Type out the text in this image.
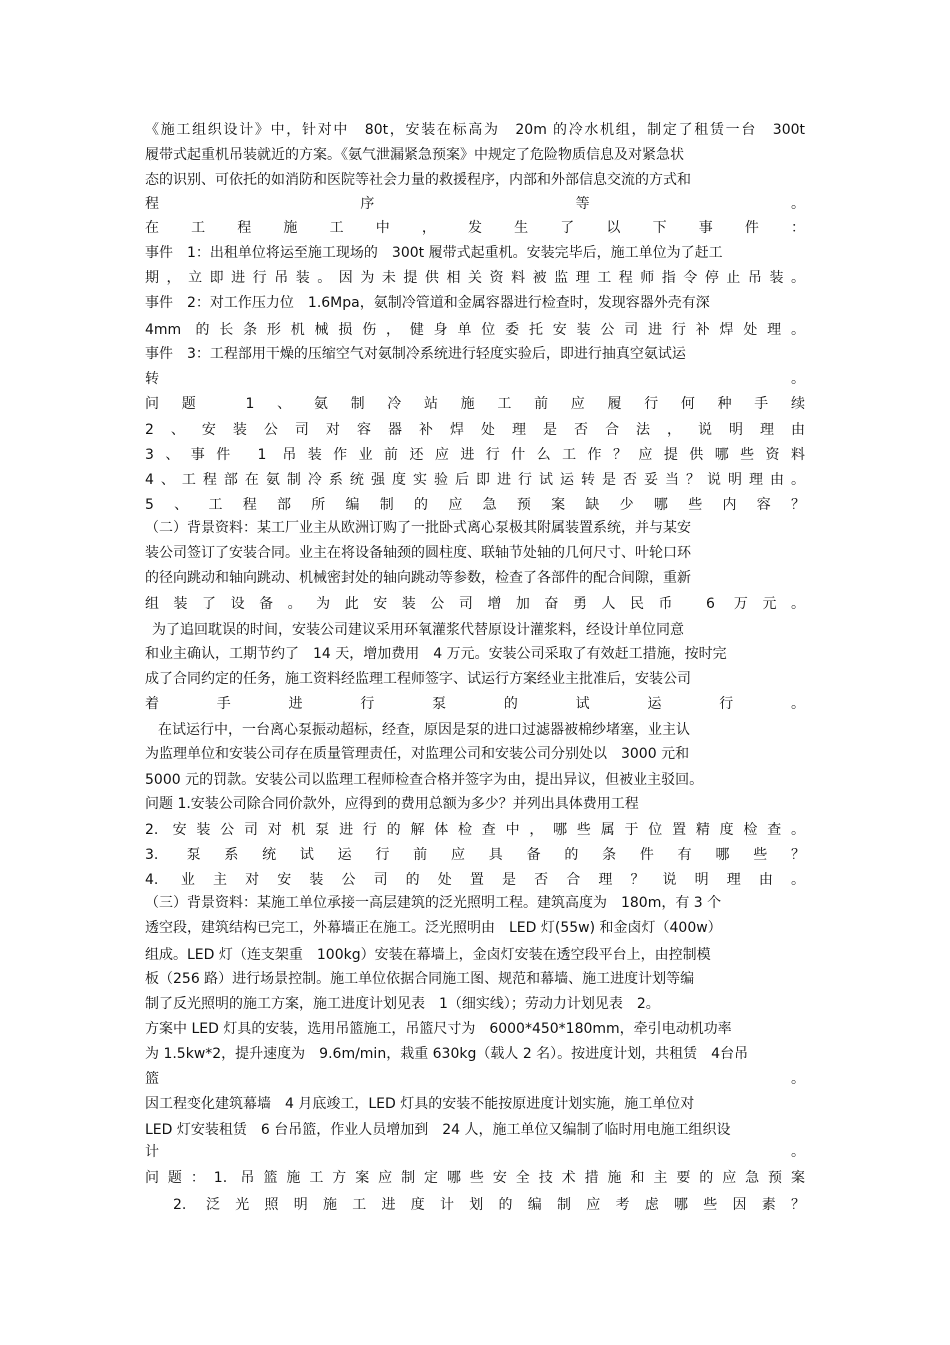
《施工组织设计》中，针对中　80t，安装在标高为　20m 的冷水机组，制定了租赁一台　300t
履带式起重机吊装就近的方案。《氨气泄漏紧急预案》中规定了危险物质信息及对紧急状
态的识别、可依托的如消防和医院等社会力量的救援程序，内部和外部信息交流的方式和
程序等。
在工程施工中，发生了以下事件：
事件　1：出租单位将运至施工现场的　300t 履带式起重机。安装完毕后，施工单位为了赶工
期，立即进行吊装。因为未提供相关资料被监理工程师指令停止吊装。
事件　2：对工作压力位　1.6Mpa，氨制冷管道和金属容器进行检查时，发现容器外壳有深
4mm 的长条形机械损伤，健身单位委托安装公司进行补焊处理。
事件　3：工程部用干燥的压缩空气对氨制冷系统进行轻度实验后，即进行抽真空氨试运
转。
问题 1、氨制冷站施工前应履行何种手续
2、安装公司对容器补焊处理是否合法，说明理由
3、事件 1 吊装作业前还应进行什么工作？应提供哪些资料
4、工程部在氨制冷系统强度实验后即进行试运转是否妥当？说明理由。
5、工程部所编制的应急预案缺少哪些内容？
（二）背景资料：某工厂业主从欧洲订购了一批卧式离心泵极其附属装置系统，并与某安
装公司签订了安装合同。业主在将设备轴颈的圆柱度、联轴节处轴的几何尺寸、叶轮口环
的径向跳动和轴向跳动、机械密封处的轴向跳动等参数，检查了各部件的配合间隙，重新
组装了设备。为此安装公司增加奋勇人民币 6 万元。
为了追回耽误的时间，安装公司建议采用环氧灌浆代替原设计灌浆料，经设计单位同意
和业主确认，工期节约了　14 天，增加费用　4 万元。安装公司采取了有效赶工措施，按时完
成了合同约定的任务，施工资料经监理工程师签字、试运行方案经业主批准后，安装公司
着手进行泵的试运行。
在试运行中，一台离心泵振动超标，经查，原因是泵的进口过滤器被棉纱堵塞，业主认
为监理单位和安装公司存在质量管理责任，对监理公司和安装公司分别处以　3000 元和
5000 元的罚款。安装公司以监理工程师检查合格并签字为由，提出异议，但被业主驳回。
问题 1.安装公司除合同价款外，应得到的费用总额为多少？并列出具体费用工程
2. 安装公司对机泵进行的解体检查中，哪些属于位置精度检查。
3. 泵系统试运行前应具备的条件有哪些？
4. 业主对安装公司的处置是否合理？说明理由。
（三）背景资料：某施工单位承接一高层建筑的泛光照明工程。建筑高度为　180m，有 3 个
透空段，建筑结构已完工，外幕墙正在施工。泛光照明由　LED 灯(55w) 和金卤灯（400w）
组成。LED 灯（连支架重　100kg）安装在幕墙上，金卤灯安装在透空段平台上，由控制模
板（256 路）进行场景控制。施工单位依据合同施工图、规范和幕墙、施工进度计划等编
制了反光照明的施工方案，施工进度计划见表　1（细实线）；劳动力计划见表　2。
方案中 LED 灯具的安装，选用吊篮施工，吊篮尺寸为　6000*450*180mm，牵引电动机功率
为 1.5kw*2，提升速度为　9.6m/min，栽重 630kg（载人 2 名）。按进度计划，共租赁　4台吊
篮。
因工程变化建筑幕墙　4 月底竣工，LED 灯具的安装不能按原进度计划实施，施工单位对
LED 灯安装租赁　6 台吊篮，作业人员增加到　24 人，施工单位又编制了临时用电施工组织设
计。
问题：1. 吊篮施工方案应制定哪些安全技术措施和主要的应急预案
2. 泛光照明施工进度计划的编制应考虑哪些因素？
